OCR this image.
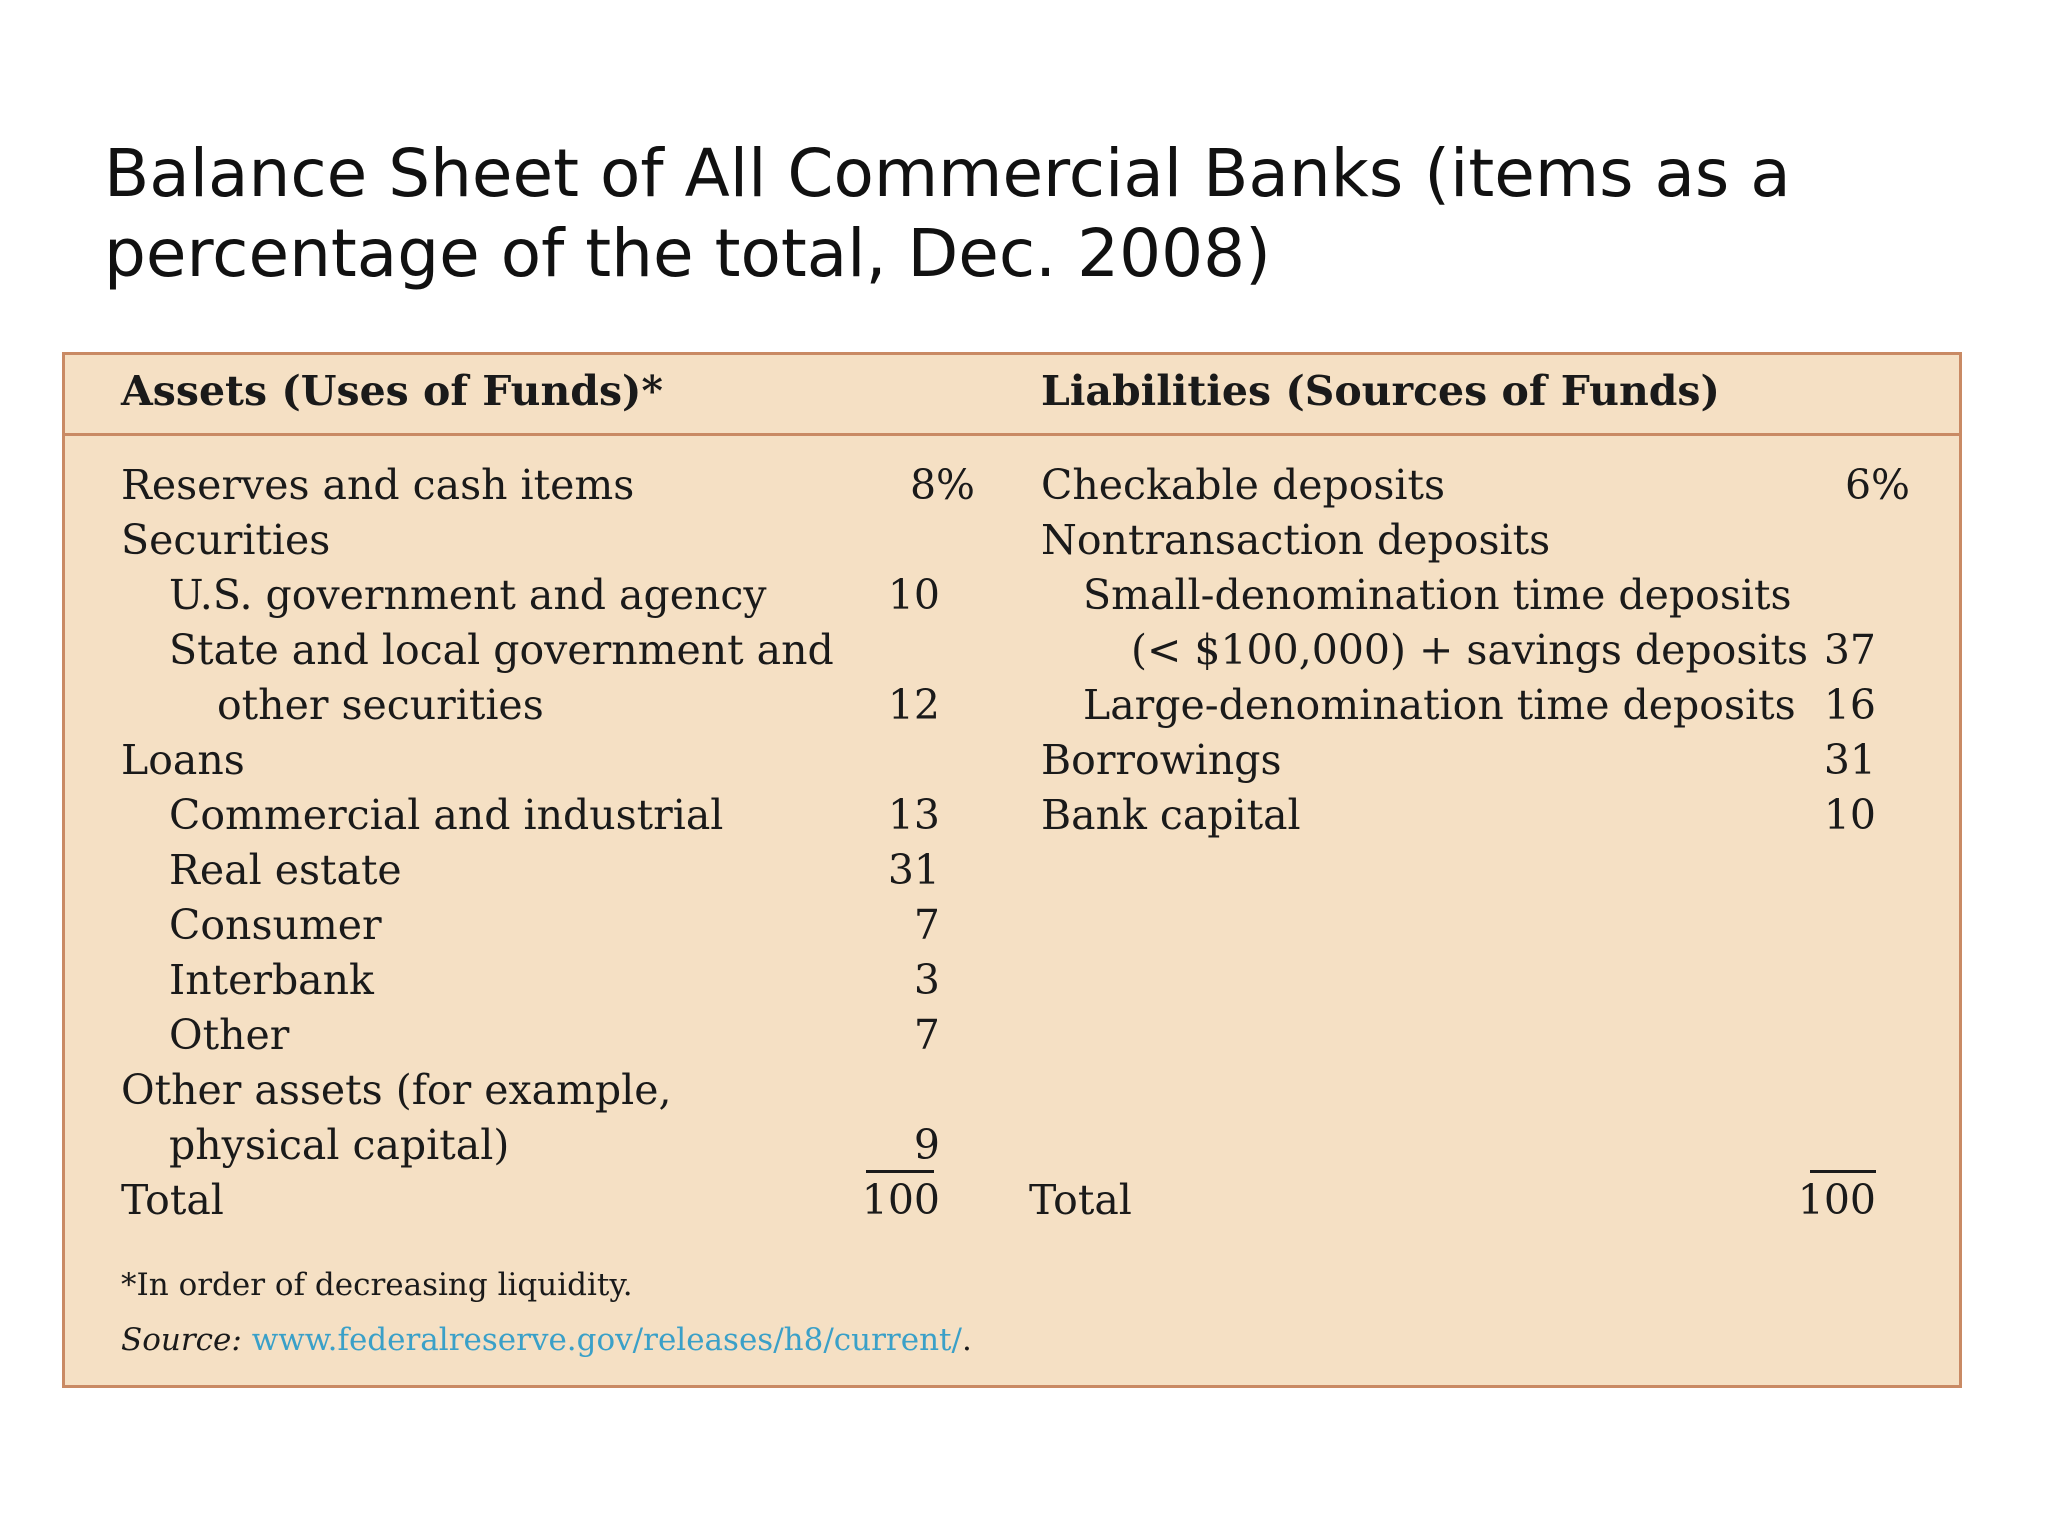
Balance Sheet of All Commercial Banks (items as a percentage of the total, Dec. 2008)
Assets (Uses of Funds)*	Liabilities (Sources of Funds)
Reserves and cash items	8%
Securities
U.S. government and agency	10
State and local government and
other securities	12
Loans
Commercial and industrial	13
Real estate	31
Consumer	7
Interbank	3
Other	7
Other assets (for example,
physical capital)	9
Total	100
Checkable deposits	6%
Nontransaction deposits
Small-denomination time deposits
(< $100,000) + savings deposits 37
Large-denomination time deposits 16
Borrowings	31
Bank capital	10
Total	100
*In order of decreasing liquidity.
Source: www.federalreserve.gov/releases/h8/current/.
